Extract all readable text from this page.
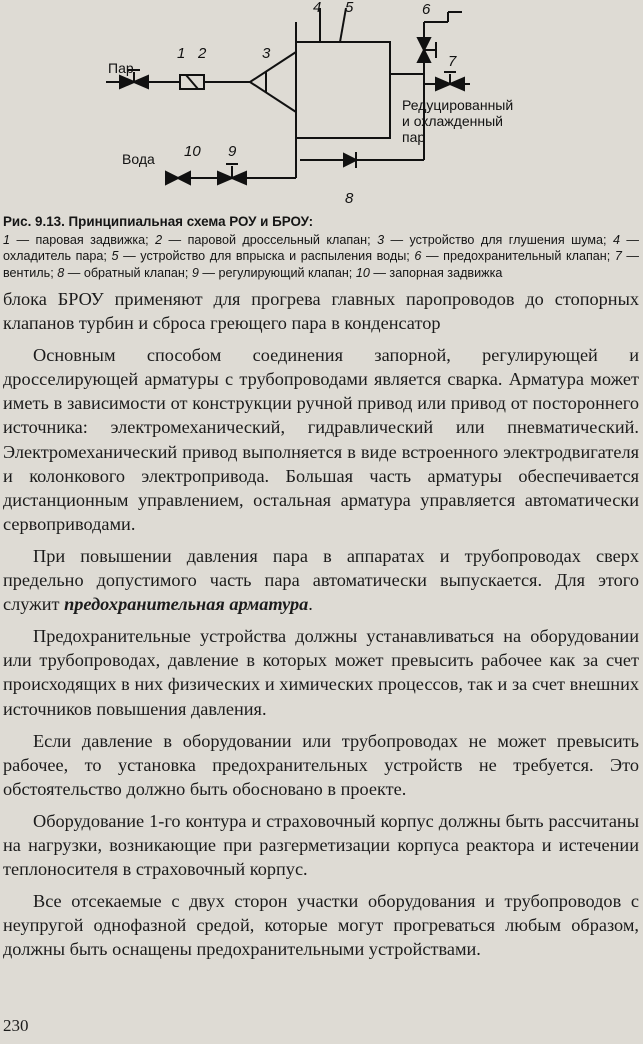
1 2	3
4 5	6
7
8
9
10
Пар
Вода
Редуцированный
и охлажденный
пар
Рис. 9.13. Принципиальная схема РОУ и БРОУ:
1 — паровая задвижка; 2 — паровой дроссельный клапан; 3 — устройство для глушения шума; 4 — охладитель пара; 5 — устройство для впрыска и распыления воды; 6 — предохранительный клапан; 7 — вентиль; 8 — обратный клапан; 9 — регулирующий клапан; 10 — запорная задвижка

блока БРОУ применяют для прогрева главных паропроводов до стопорных клапанов турбин и сброса греющего пара в конденсатор

Основным способом соединения запорной, регулирующей и дросселирующей арматуры с трубопроводами является сварка. Арматура может иметь в зависимости от конструкции ручной привод или привод от постороннего источника: электромеханический, гидравлический или пневматический. Электромеханический привод выполняется в виде встроенного электродвигателя и колонкового электропривода. Большая часть арматуры обеспечивается дистанционным управлением, остальная арматура управляется автоматически сервоприводами.

При повышении давления пара в аппаратах и трубопроводах сверх предельно допустимого часть пара автоматически выпускается. Для этого служит предохранительная арматура.

Предохранительные устройства должны устанавливаться на оборудовании или трубопроводах, давление в которых может превысить рабочее как за счет происходящих в них физических и химических процессов, так и за счет внешних источников повышения давления.

Если давление в оборудовании или трубопроводах не может превысить рабочее, то установка предохранительных устройств не требуется. Это обстоятельство должно быть обосновано в проекте.

Оборудование 1-го контура и страховочный корпус должны быть рассчитаны на нагрузки, возникающие при разгерметизации корпуса реактора и истечении теплоносителя в страховочный корпус.

Все отсекаемые с двух сторон участки оборудования и трубопроводов с неупругой однофазной средой, которые могут прогреваться любым образом, должны быть оснащены предохранительными устройствами.

230
